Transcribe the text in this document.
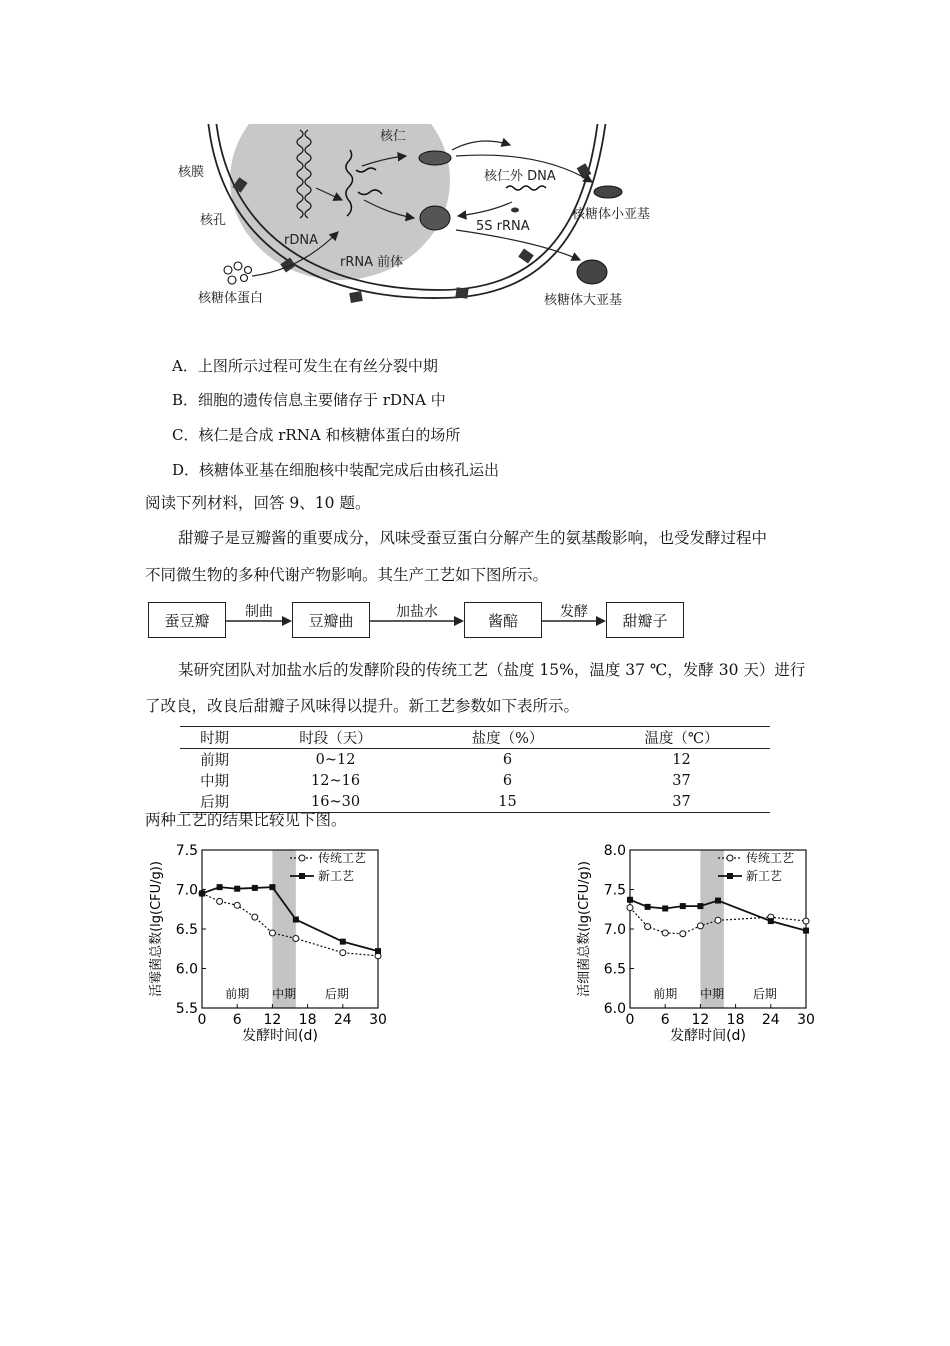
核仁
核膜
核孔
rDNA
rRNA 前体
核仁外 DNA
5S rRNA
核糖体小亚基
核糖体大亚基
核糖体蛋白
A．上图所示过程可发生在有丝分裂中期
B．细胞的遗传信息主要储存于 rDNA 中
C．核仁是合成 rRNA 和核糖体蛋白的场所
D．核糖体亚基在细胞核中装配完成后由核孔运出
阅读下列材料，回答 9、10 题。
甜瓣子是豆瓣酱的重要成分，风味受蚕豆蛋白分解产生的氨基酸影响，也受发酵过程中
不同微生物的多种代谢产物影响。其生产工艺如下图所示。
蚕豆瓣	豆瓣曲	酱醅	甜瓣子
制曲	加盐水	发酵
某研究团队对加盐水后的发酵阶段的传统工艺（盐度 15%，温度 37 ℃，发酵 30 天）进行
了改良，改良后甜瓣子风味得以提升。新工艺参数如下表所示。
时期	时段（天）	盐度（%）	温度（℃）
前期	0~12	6	12
中期	12~16	6	37
后期	16~30	15	37
两种工艺的结果比较见下图。
5.5
6.0
6.5
7.0
7.5
0 6 12 18 24 30
发酵时间(d)
活霉菌总数(lg(CFU/g))	前期 中期 后期
传统工艺
新工艺
6.0
6.5
7.0
7.5
8.0
0 6 12 18 24 30
发酵时间(d)
活细菌总数(lg(CFU/g))	前期 中期 后期
传统工艺
新工艺
